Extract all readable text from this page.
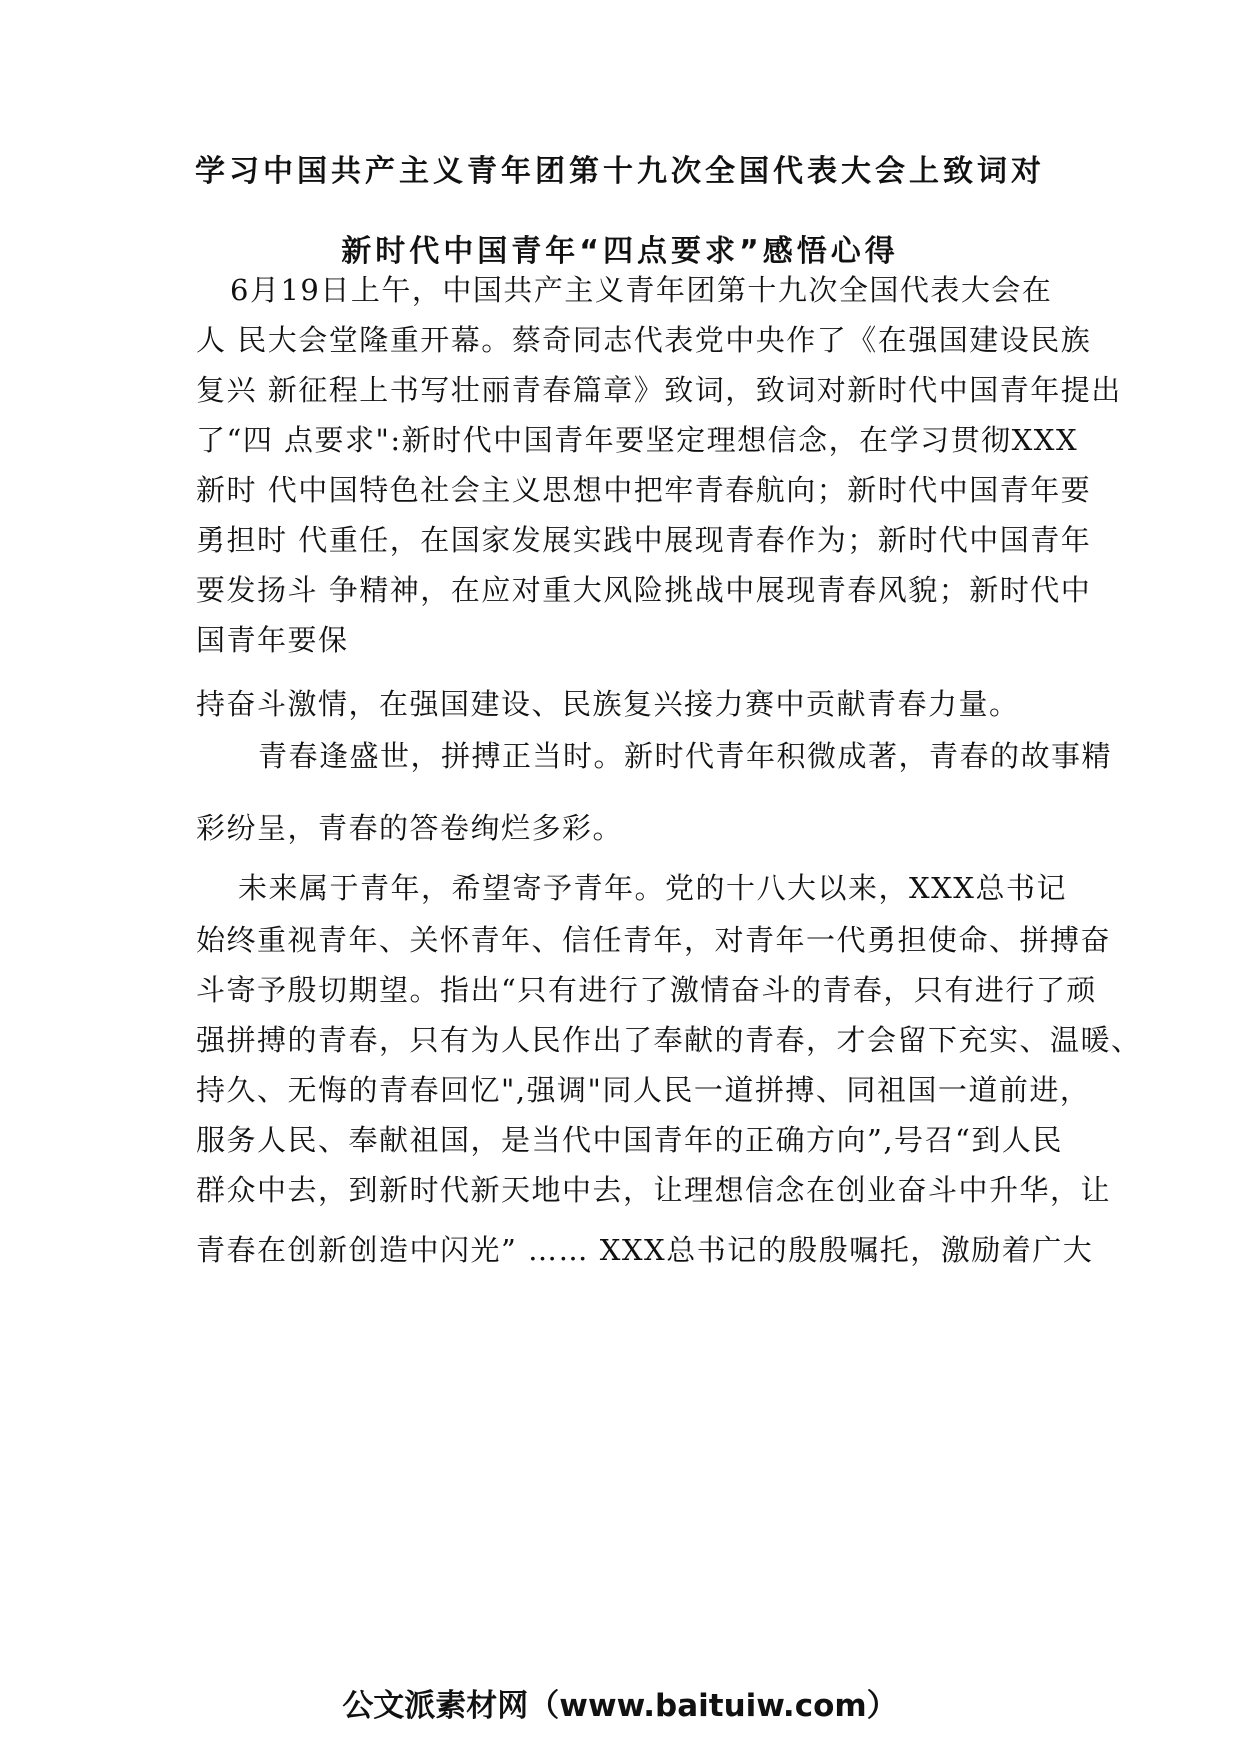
学习中国共产主义青年团第十九次全国代表大会上致词对
新时代中国青年“四点要求”感悟心得
6月19日上午，中国共产主义青年团第十九次全国代表大会在
人 民大会堂隆重开幕。蔡奇同志代表党中央作了《在强国建设民族
复兴 新征程上书写壮丽青春篇章》致词，致词对新时代中国青年提出
了“四 点要求":新时代中国青年要坚定理想信念，在学习贯彻XXX
新时 代中国特色社会主义思想中把牢青春航向；新时代中国青年要
勇担时 代重任，在国家发展实践中展现青春作为；新时代中国青年
要发扬斗 争精神，在应对重大风险挑战中展现青春风貌；新时代中
国青年要保
持奋斗激情，在强国建设、民族复兴接力赛中贡献青春力量。
青春逢盛世，拼搏正当时。新时代青年积微成著，青春的故事精
彩纷呈，青春的答卷绚烂多彩。
未来属于青年，希望寄予青年。党的十八大以来，XXX总书记
始终重视青年、关怀青年、信任青年，对青年一代勇担使命、拼搏奋
斗寄予殷切期望。指出“只有进行了激情奋斗的青春，只有进行了顽
强拼搏的青春，只有为人民作出了奉献的青春，才会留下充实、温暖、
持久、无悔的青春回忆",强调"同人民一道拼搏、同祖国一道前进，
服务人民、奉献祖国，是当代中国青年的正确方向”,号召“到人民
群众中去，到新时代新天地中去，让理想信念在创业奋斗中升华，让
青春在创新创造中闪光” …… XXX总书记的殷殷嘱托，激励着广大
公文派素材网（www.baituiw.com）
